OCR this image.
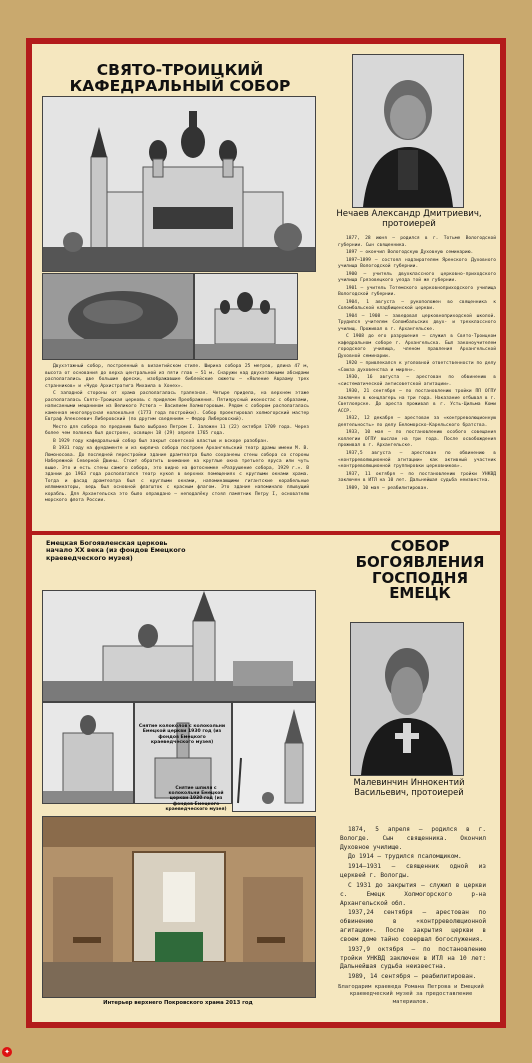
СВЯТО-ТРОИЦКИЙ КАФЕДРАЛЬНЫЙ СОБОР
Нечаев Александр Дмитриевич, протоиерей

Двухэтажный собор, построенный в византийском стиле. Ширина собора 25 метров, длина 47 м, высота от основания до верха центральной из пяти глав – 51 м. Снаружи над двухэтажными абсидами располагались две большие фрески, изображавшие библейские сюжеты – «Явление Аврааму трех странников» и «Чудо Архистратига Михаила в Хонех».

С западной стороны от храма располагалась трапезная. Четыре придела, на верхнем этаже располагалась Свято-Троицкая церковь с приделом Преображения. Пятиярусный иконостас с образами, написанными мещанином из Великого Устюга – Василием Холмогоровым. Рядом с собором располагалась каменная многоярусная колокольня (1773 года постройки). Собор проектировал холмогорский мастер Евграф Алексеевич Либеровский (по другим сведениям – Федор Либеровский).

Место для собора по преданию было выбрано Петром I. Заложен 11 (22) октября 1709 года. Через более чем полвека был достроен, освящен 18 (29) апреля 1765 года.

В 1929 году кафедральный собор был закрыт советской властью и вскоре разобран.

В 1931 году на фундаменте и из кирпича собора построен Архангельский театр драмы имени М. В. Ломоносова. До последней перестройки здание драмтеатра было сохранены стены собора со стороны Набережной Северной Двины. Стоит обратить внимание на круглые окна третьего яруса или чуть выше. Это и есть стены самого собора, это видно на фотоснимке «Разрушение собора, 1929 г.». В здании до 1963 года располагался театр кукол в верхних помещениях с круглыми окнами храма. Тогда и фасад драмтеатра был с круглыми окнами, напоминающими гигантские корабельные иллюминаторы, ведь был основной флагшток с красным флагом. Это здание напоминало плывущий корабль. Для Архангельска это было оправдано – неподалёку стоял памятник Петру I, основателю морского флота России.

1877, 28 июня – родился в г. Тотьме Вологодской губернии. Сын священника.

1897 – окончил Вологодскую Духовную семинарию.

1897–1899 – состоял надзирателем Яренского Духовного училища Вологодской губернии.

1900 – учитель двухклассного церковно-приходского училища Грязовецкого уезда той же губернии.

1901 – учитель Тотемского церковноприходского училища Вологодской губернии.

1904, 1 августа – рукоположен во священника к Соломбальской кладбищенской церкви.

1904 – 1908 – заведовал церковноприходской школой. Трудился учителем Соломбальских двух- и трехклассного училищ. Проживал в г. Архангельске.

С 1908 до его разрушения – служил в Свято-Троицком кафедральном соборе г. Архангельска. Был законоучителем городского училища, членом правления Архангельской Духовной семинарии.

1920 – привлекался к уголовной ответственности по делу «Союза духовенства и мирян».

1930, 16 августа – арестован по обвинению в «систематической антисоветской агитации».

1930, 21 сентября – по постановлению тройки ПП ОГПУ заключен в концлагерь на три года. Наказание отбывал в г. Светлоярске. До ареста проживал в г. Усть-Цильма Коми АССР.

1932, 12 декабря – арестован за «контрреволюционную деятельность» по делу Беломорско-Карельского братства.

1933, 10 мая – по постановлению особого совещания коллегии ОГПУ выслан на три года. После освобождения проживал в г. Архангельске.

1937,5 августа – арестован по обвинению в «контрреволюционной агитации» как активный участник «контрреволюционной группировки церковников».

1937, 11 октября – по постановлению тройки УНКВД заключен в ИТЛ на 10 лет. Дальнейшая судьба неизвестна.

1989, 10 мая – реабилитирован.

Емецкая Богоявленская церковь начало XX века (из фондов Емецкого краеведческого музея)
СОБОР БОГОЯВЛЕНИЯ ГОСПОДНЯ ЕМЕЦК
Снятие колоколов с колокольни Емецкой церкви 1930 год (из фондов Емецкого краеведческого музея)
Снятие шпиля с колокольни Емецкой церкви 1930 год (из фондов Емецкого краеведческого музея)
Интерьер верхнего Покровского храма 2013 год
Малевинчин Иннокентий Васильевич, протоиерей

1874, 5 апреля – родился в г. Вологде. Сын священника. Окончил Духовное училище.

До 1914 – трудился псаломщиком.

1914–1931 – священник одной из церквей г. Вологды.

С 1931 до закрытия – служил в церкви с. Емецк Холмогорского р-на Архангельской обл.

1937,24 сентября – арестован по обвинению в «контрреволюционной агитации». После закрытия церкви в своем доме тайно совершал богослужения.

1937,9 октября – по постановлению тройки УНКВД заключен в ИТЛ на 10 лет: Дальнейшая судьба неизвестна.

1989, 14 сентября – реабилитирован.

Благодарим краеведа Романа Петрова и Емецкий краеведческий музей за предоставление материалов.
✦
